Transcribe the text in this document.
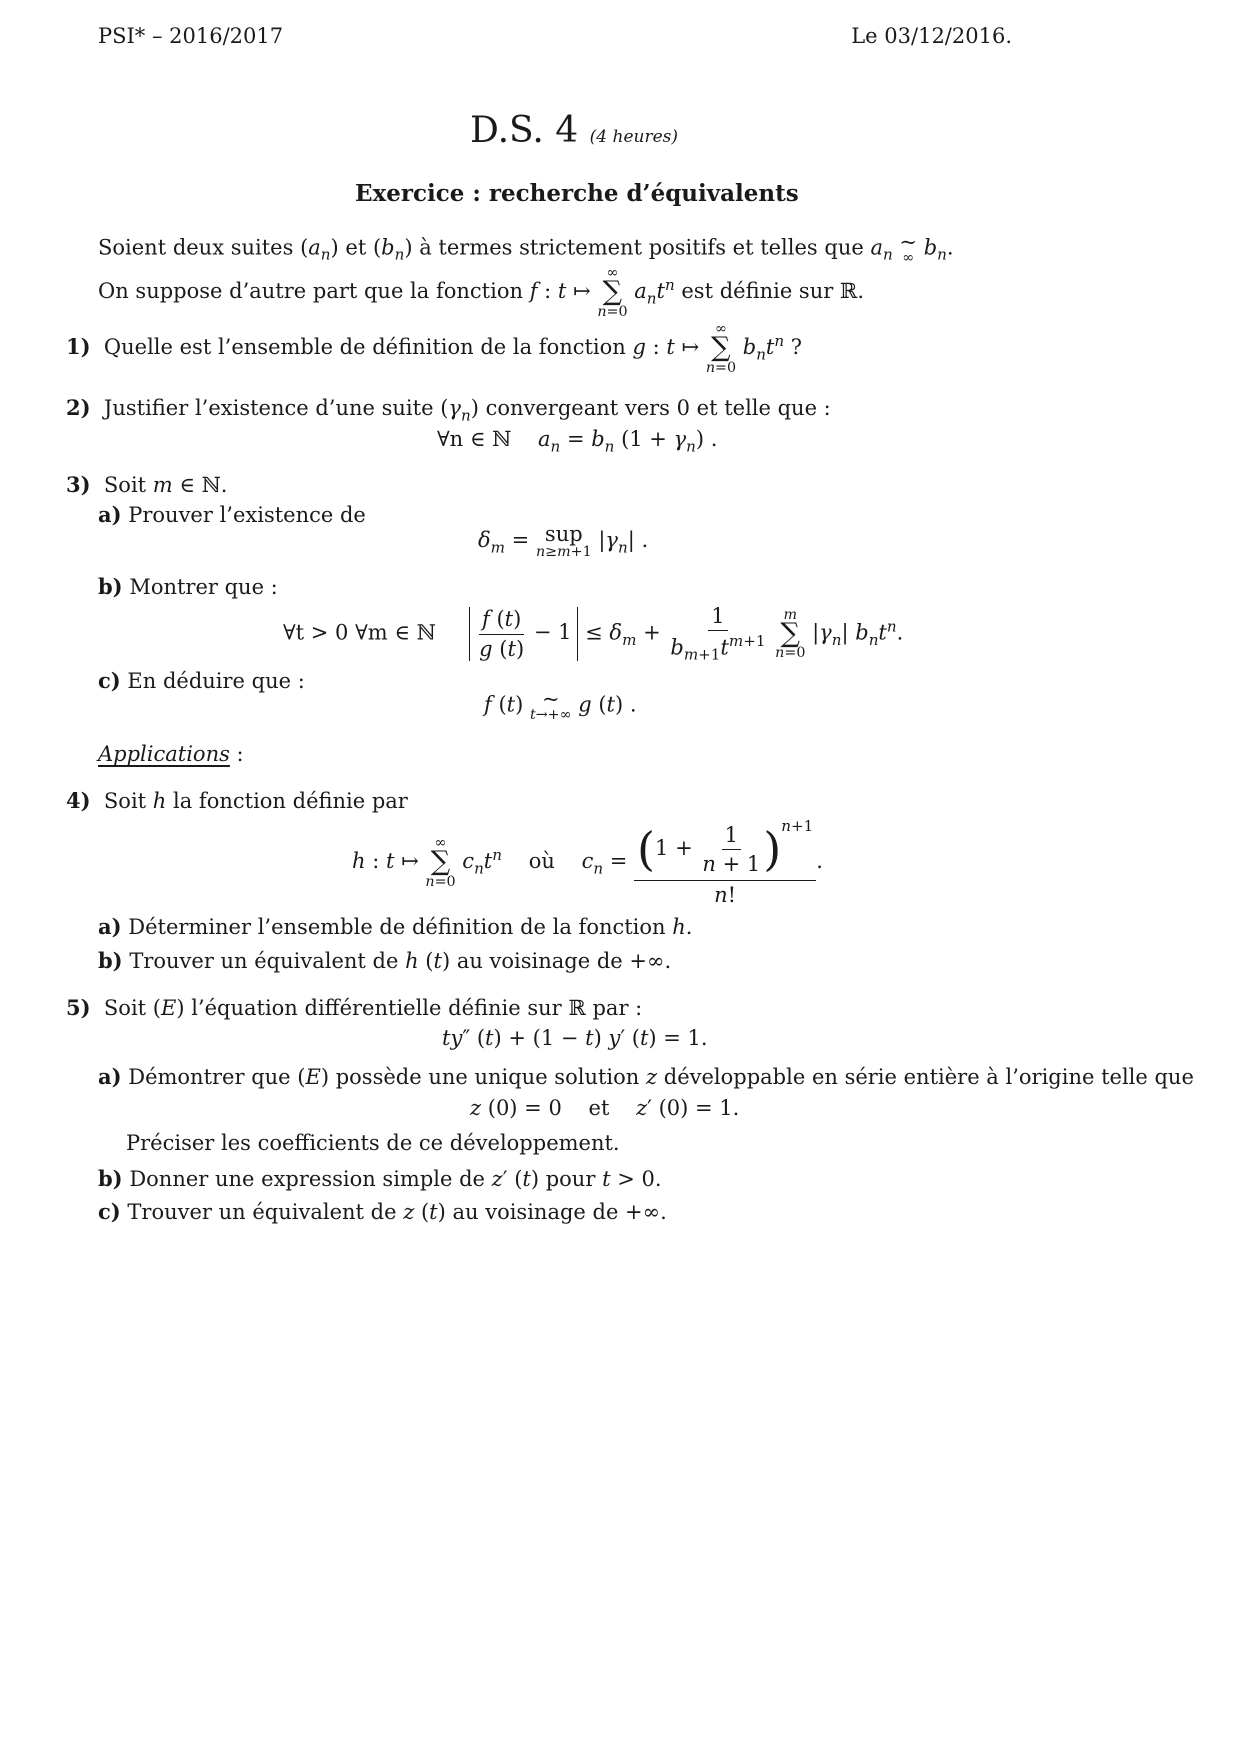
PSI* – 2016/2017	Le 03/12/2016.
D.S. 4 (4 heures)
Exercice : recherche d’équivalents
Soient deux suites $(a_n)$ et $(b_n)$ à termes strictement positifs et telles que $a_n$
~
∞ $b_n$.
On suppose d’autre part que la fonction f : t ↦
∞
∑
n=0
$a_nt^n$ est définie sur ℝ.
1) Quelle est l’ensemble de définition de la fonction g : t ↦
∞
∑
n=0
$b_nt^n$ ?
2) Justifier l’existence d’une suite $(\gamma_n)$ convergeant vers 0 et telle que :
∀n ∈ ℕ $a_n = b_n$ $(1 + \gamma_n)$ .
3) Soit m ∈ ℕ.
a) Prouver l’existence de
$\delta_m$ = sup
n≥m+1 $|\gamma_n|$ .
b) Montrer que :
∀t > 0 ∀m ∈ ℕ $\frac{f (t)}{g (t)} - 1 \le \delta_m + \frac{1}{b_{m+1}t^{m+1}}$
m
∑
n=0
$|\gamma_n|$ $b_nt^n$.
c) En déduire que :
f (t) ~
t→+∞ g (t) .
Applications :
4) Soit h la fonction définie par
h : t ↦
∞
∑
n=0
$c_nt^n$ où $c_n = \frac{(1 + \frac{1}{n + 1} )^{n+1}}{n!}$ .
a) Déterminer l’ensemble de définition de la fonction h.
b) Trouver un équivalent de h (t) au voisinage de +∞.
5) Soit (E) l’équation différentielle définie sur ℝ par :
ty″ (t) + (1 − t) y′ (t) = 1.
a) Démontrer que (E) possède une unique solution z développable en série entière à l’origine telle que
z (0) = 0    et z′ (0) = 1.
Préciser les coefficients de ce développement.
b) Donner une expression simple de z′ (t) pour t > 0.
c) Trouver un équivalent de z (t) au voisinage de +∞.
